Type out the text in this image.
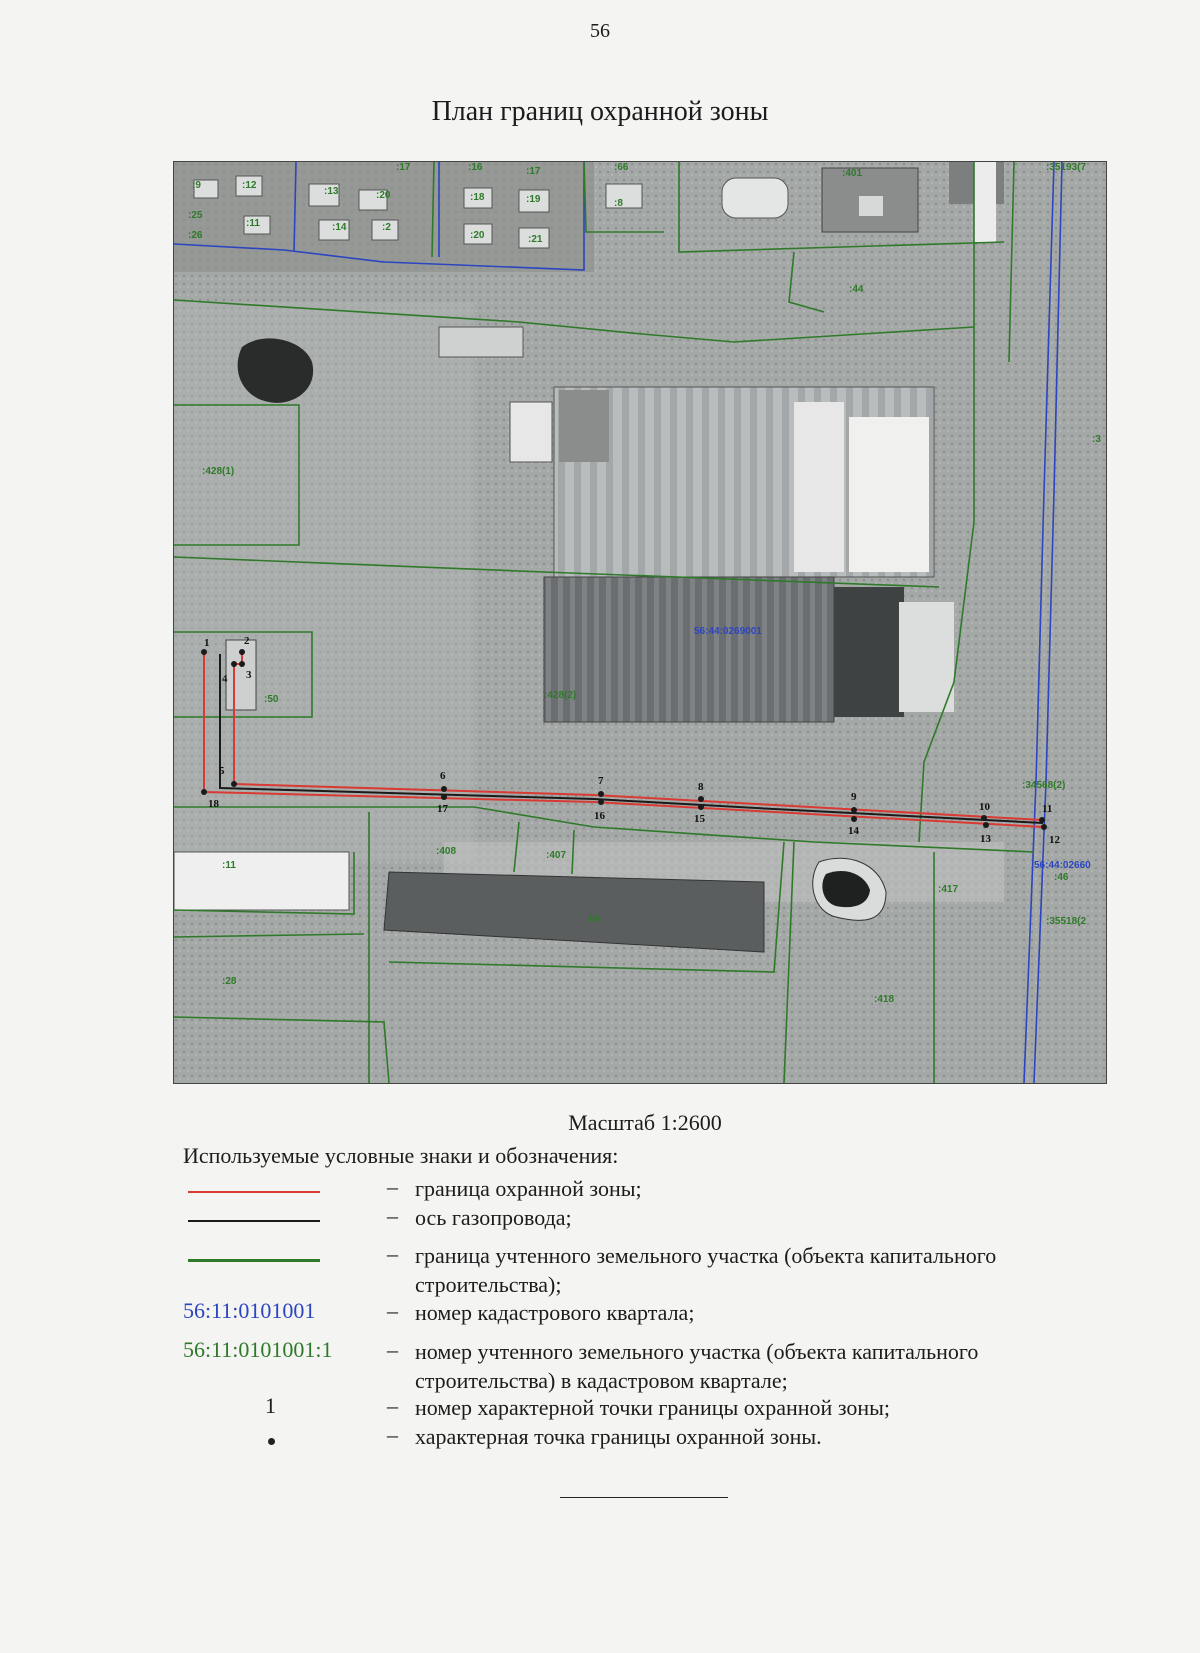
56
План границ охранной зоны
1	2
3
4
5	6	7	8
9
10	11
12
13
14
15
16
17
18
:9	:12
:25
:11
:26
:17
:13	:20
:14	:2
:16	:17
:18	:19
:20	:21
:66
:8
:401
:35193(7
:44
:428(1)
:3
:50	:428(2)
:34568(2)
:408	:407
:11
:64
:417
:46
:35518(2
:28
:418
56:44:0269001
56:44:02660
Масштаб 1:2600
Используемые условные знаки и обозначения:
– граница охранной зоны;
– ось газопровода;
– граница учтенного земельного участка (объекта капитального строительства);
56:11:0101001	– номер кадастрового квартала;
56:11:0101001:1 – номер учтенного земельного участка (объекта капитального строительства) в кадастровом квартале;
1	– номер характерной точки границы охранной зоны;
– характерная точка границы охранной зоны.
